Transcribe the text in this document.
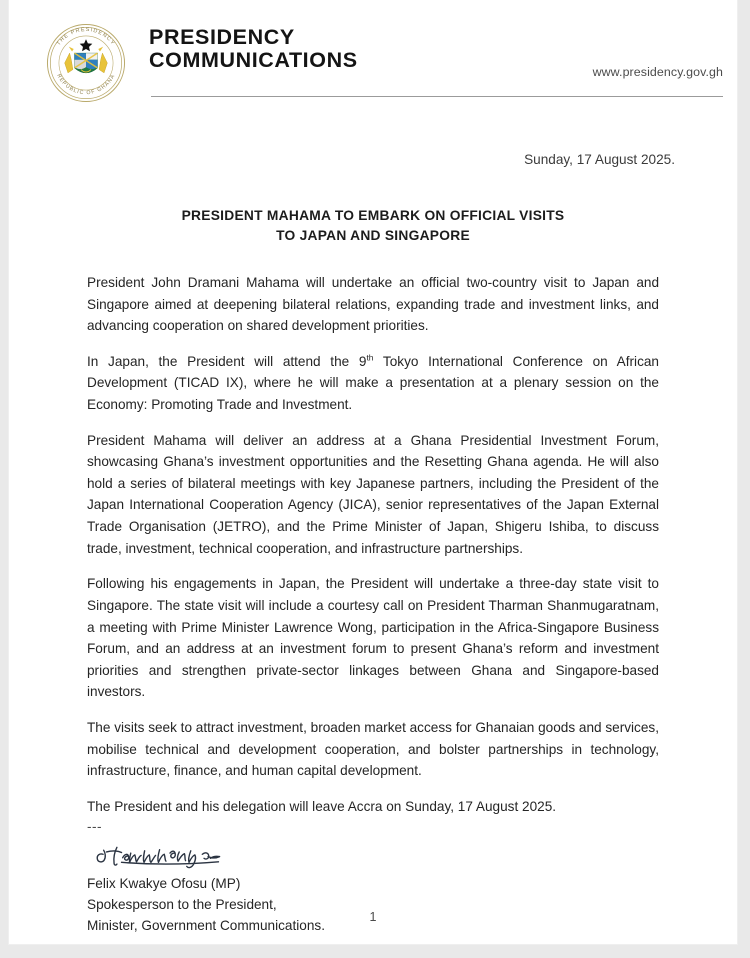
THE PRESIDENCY
REPUBLIC OF GHANA
PRESIDENCY
COMMUNICATIONS	www.presidency.gov.gh
Sunday, 17 August 2025.
PRESIDENT MAHAMA TO EMBARK ON OFFICIAL VISITS
TO JAPAN AND SINGAPORE

President John Dramani Mahama will undertake an official two-country visit to Japan and Singapore aimed at deepening bilateral relations, expanding trade and investment links, and advancing cooperation on shared development priorities.

In Japan, the President will attend the 9th Tokyo International Conference on African Development (TICAD IX), where he will make a presentation at a plenary session on the Economy: Promoting Trade and Investment.

President Mahama will deliver an address at a Ghana Presidential Investment Forum, showcasing Ghana’s investment opportunities and the Resetting Ghana agenda. He will also hold a series of bilateral meetings with key Japanese partners, including the President of the Japan International Cooperation Agency (JICA), senior representatives of the Japan External Trade Organisation (JETRO), and the Prime Minister of Japan, Shigeru Ishiba, to discuss trade, investment, technical cooperation, and infrastructure partnerships.

Following his engagements in Japan, the President will undertake a three-day state visit to Singapore. The state visit will include a courtesy call on President Tharman Shanmugaratnam, a meeting with Prime Minister Lawrence Wong, participation in the Africa-Singapore Business Forum, and an address at an investment forum to present Ghana’s reform and investment priorities and strengthen private-sector linkages between Ghana and Singapore-based investors.

The visits seek to attract investment, broaden market access for Ghanaian goods and services, mobilise technical and development cooperation, and bolster partnerships in technology, infrastructure, finance, and human capital development.

The President and his delegation will leave Accra on Sunday, 17 August 2025.

---

Felix Kwakye Ofosu (MP)
Spokesperson to the President,
Minister, Government Communications.
1
